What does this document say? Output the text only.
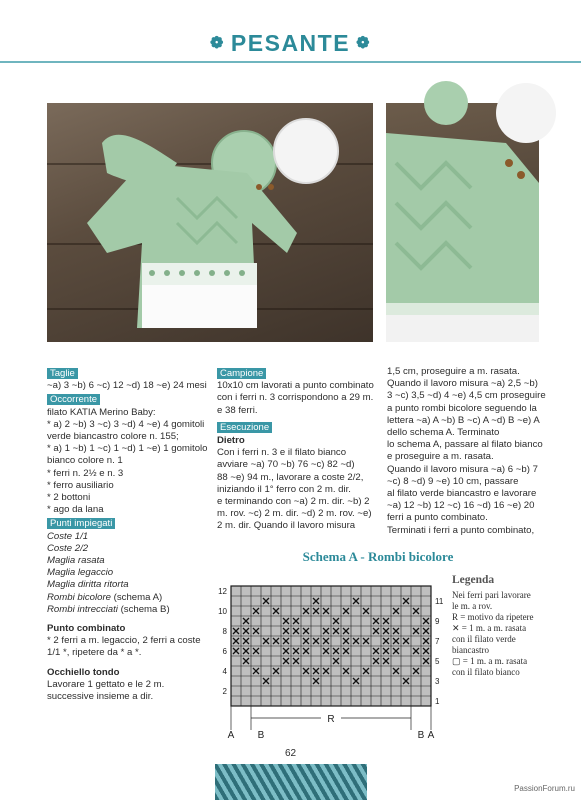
❁ PESANTE ❁
Taglie
~a) 3 ~b) 6 ~c) 12 ~d) 18 ~e) 24 mesi
Occorrente
filato KATIA Merino Baby:
* a) 2 ~b) 3 ~c) 3 ~d) 4 ~e) 4 gomitoli
verde biancastro colore n. 155;
* a) 1 ~b) 1 ~c) 1 ~d) 1 ~e) 1 gomitolo
bianco colore n. 1
* ferri n. 2½ e n. 3
* ferro ausiliario
* 2 bottoni
* ago da lana
Punti impiegati
Coste 1/1
Coste 2/2
Maglia rasata
Maglia legaccio
Maglia diritta ritorta
Rombi bicolore (schema A)
Rombi intrecciati (schema B)
Punto combinato
* 2 ferri a m. legaccio, 2 ferri a coste
1/1 *, ripetere da * a *.
Occhiello tondo
Lavorare 1 gettato e le 2 m.
successive insieme a dir.
Campione
10x10 cm lavorati a punto combinato
con i ferri n. 3 corrispondono a 29 m.
e 38 ferri.
Esecuzione
Dietro
Con i ferri n. 3 e il filato bianco
avviare ~a) 70 ~b) 76 ~c) 82 ~d)
88 ~e) 94 m., lavorare a coste 2/2,
iniziando il 1° ferro con 2 m. dir.
e terminando con ~a) 2 m. dir. ~b) 2
m. rov. ~c) 2 m. dir. ~d) 2 m. rov. ~e)
2 m. dir. Quando il lavoro misura
1,5 cm, proseguire a m. rasata.
Quando il lavoro misura ~a) 2,5 ~b)
3 ~c) 3,5 ~d) 4 ~e) 4,5 cm proseguire
a punto rombi bicolore seguendo la
lettera ~a) A ~b) B ~c) A ~d) B ~e) A
dello schema A. Terminato
lo schema A, passare al filato bianco
e proseguire a m. rasata.
Quando il lavoro misura ~a) 6 ~b) 7
~c) 8 ~d) 9 ~e) 10 cm, passare
al filato verde biancastro e lavorare
~a) 12 ~b) 12 ~c) 16 ~d) 16 ~e) 20
ferri a punto combinato.
Terminati i ferri a punto combinato,
Schema A - Rombi bicolore
12
10
8
6
4
2
11
9
7
5
3
1
A B
R
B A
Legenda
Nei ferri pari lavorare
le m. a rov.
R = motivo da ripetere
✕ = 1 m. a m. rasata
con il filato verde
biancastro
▢ = 1 m. a m. rasata
con il filato bianco
62
PassionForum.ru
